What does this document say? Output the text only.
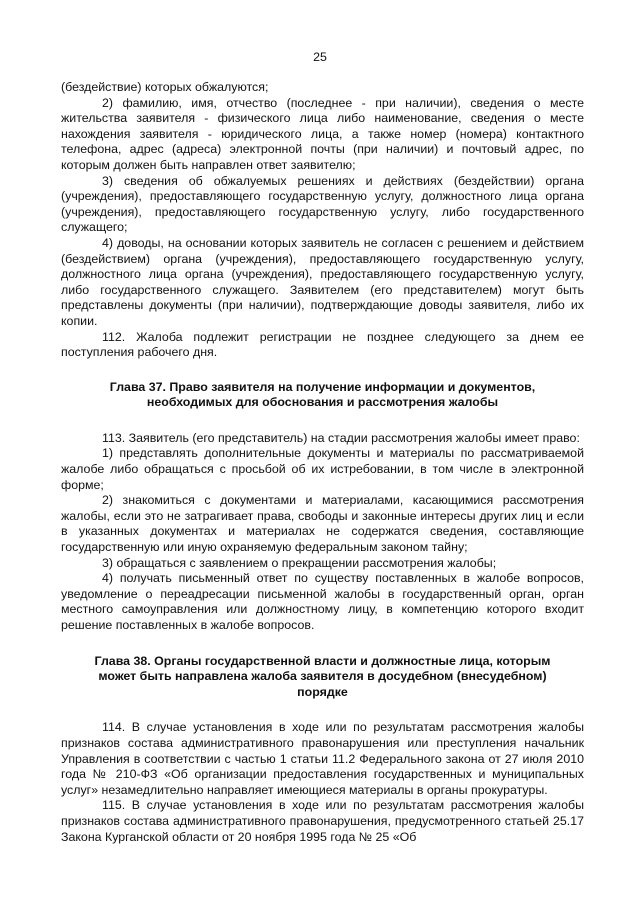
25

(бездействие) которых обжалуются;

2) фамилию, имя, отчество (последнее - при наличии), сведения о месте жительства заявителя - физического лица либо наименование, сведения о месте нахождения заявителя - юридического лица, а также номер (номера) контактного телефона, адрес (адреса) электронной почты (при наличии) и почтовый адрес, по которым должен быть направлен ответ заявителю;

3) сведения об обжалуемых решениях и действиях (бездействии) органа (учреждения), предоставляющего государственную услугу, должностного лица органа (учреждения), предоставляющего государственную услугу, либо государственного служащего;

4) доводы, на основании которых заявитель не согласен с решением и действием (бездействием) органа (учреждения), предоставляющего государственную услугу, должностного лица органа (учреждения), предоставляющего государственную услугу, либо государственного служащего. Заявителем (его представителем) могут быть представлены документы (при наличии), подтверждающие доводы заявителя, либо их копии.

112. Жалоба подлежит регистрации не позднее следующего за днем ее поступления рабочего дня.

Глава 37. Право заявителя на получение информации и документов,
необходимых для обоснования и рассмотрения жалобы

113. Заявитель (его представитель) на стадии рассмотрения жалобы имеет право:

1) представлять дополнительные документы и материалы по рассматриваемой жалобе либо обращаться с просьбой об их истребовании, в том числе в электронной форме;

2) знакомиться с документами и материалами, касающимися рассмотрения жалобы, если это не затрагивает права, свободы и законные интересы других лиц и если в указанных документах и материалах не содержатся сведения, составляющие государственную или иную охраняемую федеральным законом тайну;

3) обращаться с заявлением о прекращении рассмотрения жалобы;

4) получать письменный ответ по существу поставленных в жалобе вопросов, уведомление о переадресации письменной жалобы в государственный орган, орган местного самоуправления или должностному лицу, в компетенцию которого входит решение поставленных в жалобе вопросов.

Глава 38. Органы государственной власти и должностные лица, которым
может быть направлена жалоба заявителя в досудебном (внесудебном)
порядке

114. В случае установления в ходе или по результатам рассмотрения жалобы признаков состава административного правонарушения или преступления начальник Управления в соответствии с частью 1 статьи 11.2 Федерального закона от 27 июля 2010 года № 210-ФЗ «Об организации предоставления государственных и муниципальных услуг» незамедлительно направляет имеющиеся материалы в органы прокуратуры.

115. В случае установления в ходе или по результатам рассмотрения жалобы признаков состава административного правонарушения, предусмотренного статьей 25.17 Закона Курганской области от 20 ноября 1995 года № 25 «Об
